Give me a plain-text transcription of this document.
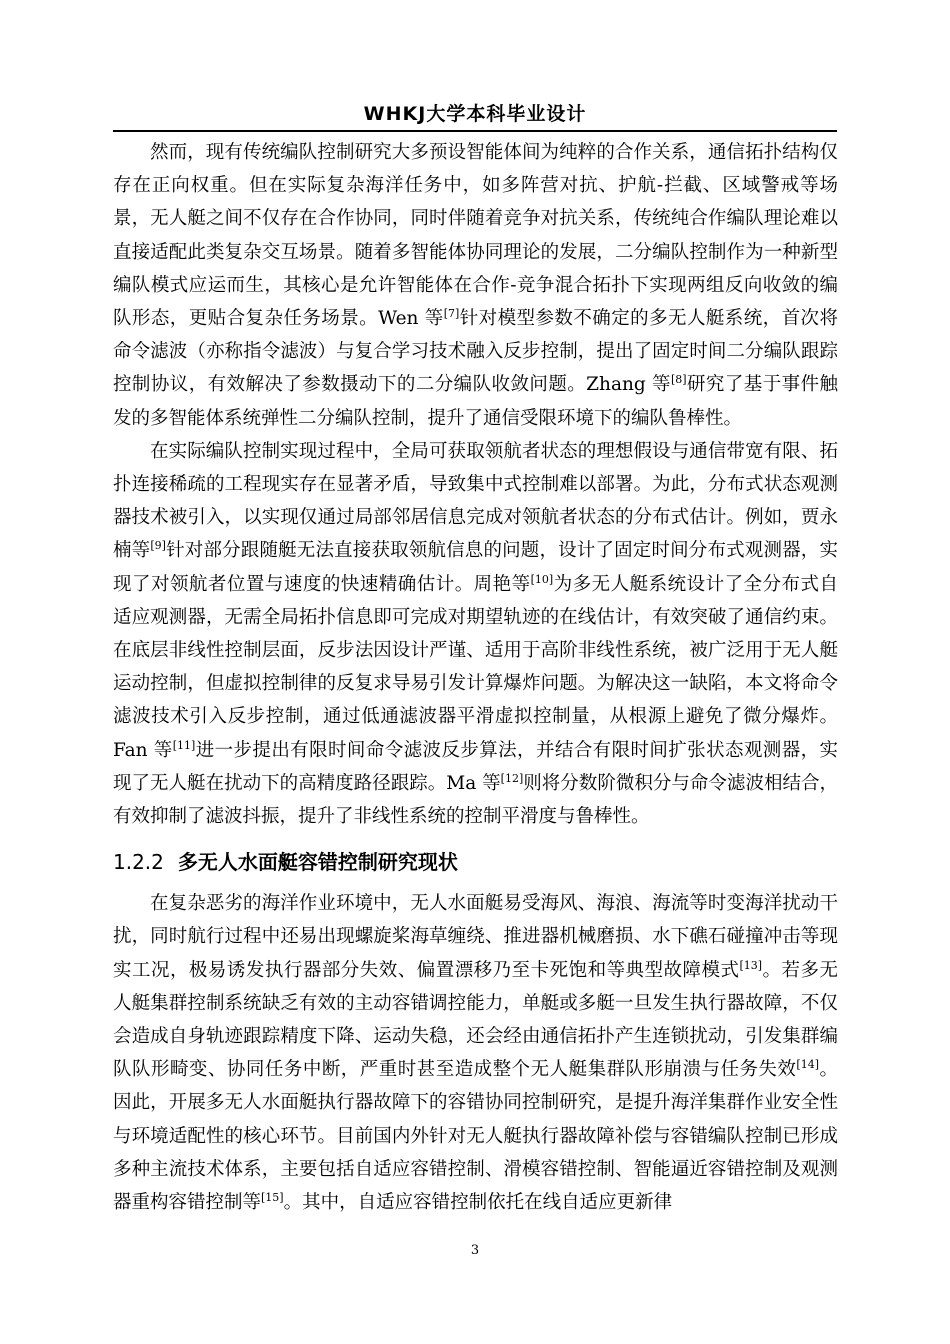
WHKJ大学本科毕业设计

然而，现有传统编队控制研究大多预设智能体间为纯粹的合作关系，通信拓扑结构仅存在正向权重。但在实际复杂海洋任务中，如多阵营对抗、护航-拦截、区域警戒等场景，无人艇之间不仅存在合作协同，同时伴随着竞争对抗关系，传统纯合作编队理论难以直接适配此类复杂交互场景。随着多智能体协同理论的发展，二分编队控制作为一种新型编队模式应运而生，其核心是允许智能体在合作-竞争混合拓扑下实现两组反向收敛的编队形态，更贴合复杂任务场景。Wen 等[7]针对模型参数不确定的多无人艇系统，首次将命令滤波（亦称指令滤波）与复合学习技术融入反步控制，提出了固定时间二分编队跟踪控制协议，有效解决了参数摄动下的二分编队收敛问题。Zhang 等[8]研究了基于事件触发的多智能体系统弹性二分编队控制，提升了通信受限环境下的编队鲁棒性。

在实际编队控制实现过程中，全局可获取领航者状态的理想假设与通信带宽有限、拓扑连接稀疏的工程现实存在显著矛盾，导致集中式控制难以部署。为此，分布式状态观测器技术被引入，以实现仅通过局部邻居信息完成对领航者状态的分布式估计。例如，贾永楠等[9]针对部分跟随艇无法直接获取领航信息的问题，设计了固定时间分布式观测器，实现了对领航者位置与速度的快速精确估计。周艳等[10]为多无人艇系统设计了全分布式自适应观测器，无需全局拓扑信息即可完成对期望轨迹的在线估计，有效突破了通信约束。在底层非线性控制层面，反步法因设计严谨、适用于高阶非线性系统，被广泛用于无人艇运动控制，但虚拟控制律的反复求导易引发计算爆炸问题。为解决这一缺陷，本文将命令滤波技术引入反步控制，通过低通滤波器平滑虚拟控制量，从根源上避免了微分爆炸。Fan 等[11]进一步提出有限时间命令滤波反步算法，并结合有限时间扩张状态观测器，实现了无人艇在扰动下的高精度路径跟踪。Ma 等[12]则将分数阶微积分与命令滤波相结合，有效抑制了滤波抖振，提升了非线性系统的控制平滑度与鲁棒性。

1.2.2 多无人水面艇容错控制研究现状

在复杂恶劣的海洋作业环境中，无人水面艇易受海风、海浪、海流等时变海洋扰动干扰，同时航行过程中还易出现螺旋桨海草缠绕、推进器机械磨损、水下礁石碰撞冲击等现实工况，极易诱发执行器部分失效、偏置漂移乃至卡死饱和等典型故障模式[13]。若多无人艇集群控制系统缺乏有效的主动容错调控能力，单艇或多艇一旦发生执行器故障，不仅会造成自身轨迹跟踪精度下降、运动失稳，还会经由通信拓扑产生连锁扰动，引发集群编队队形畸变、协同任务中断，严重时甚至造成整个无人艇集群队形崩溃与任务失效[14]。因此，开展多无人水面艇执行器故障下的容错协同控制研究，是提升海洋集群作业安全性与环境适配性的核心环节。目前国内外针对无人艇执行器故障补偿与容错编队控制已形成多种主流技术体系，主要包括自适应容错控制、滑模容错控制、智能逼近容错控制及观测器重构容错控制等[15]。其中，自适应容错控制依托在线自适应更新律

3
